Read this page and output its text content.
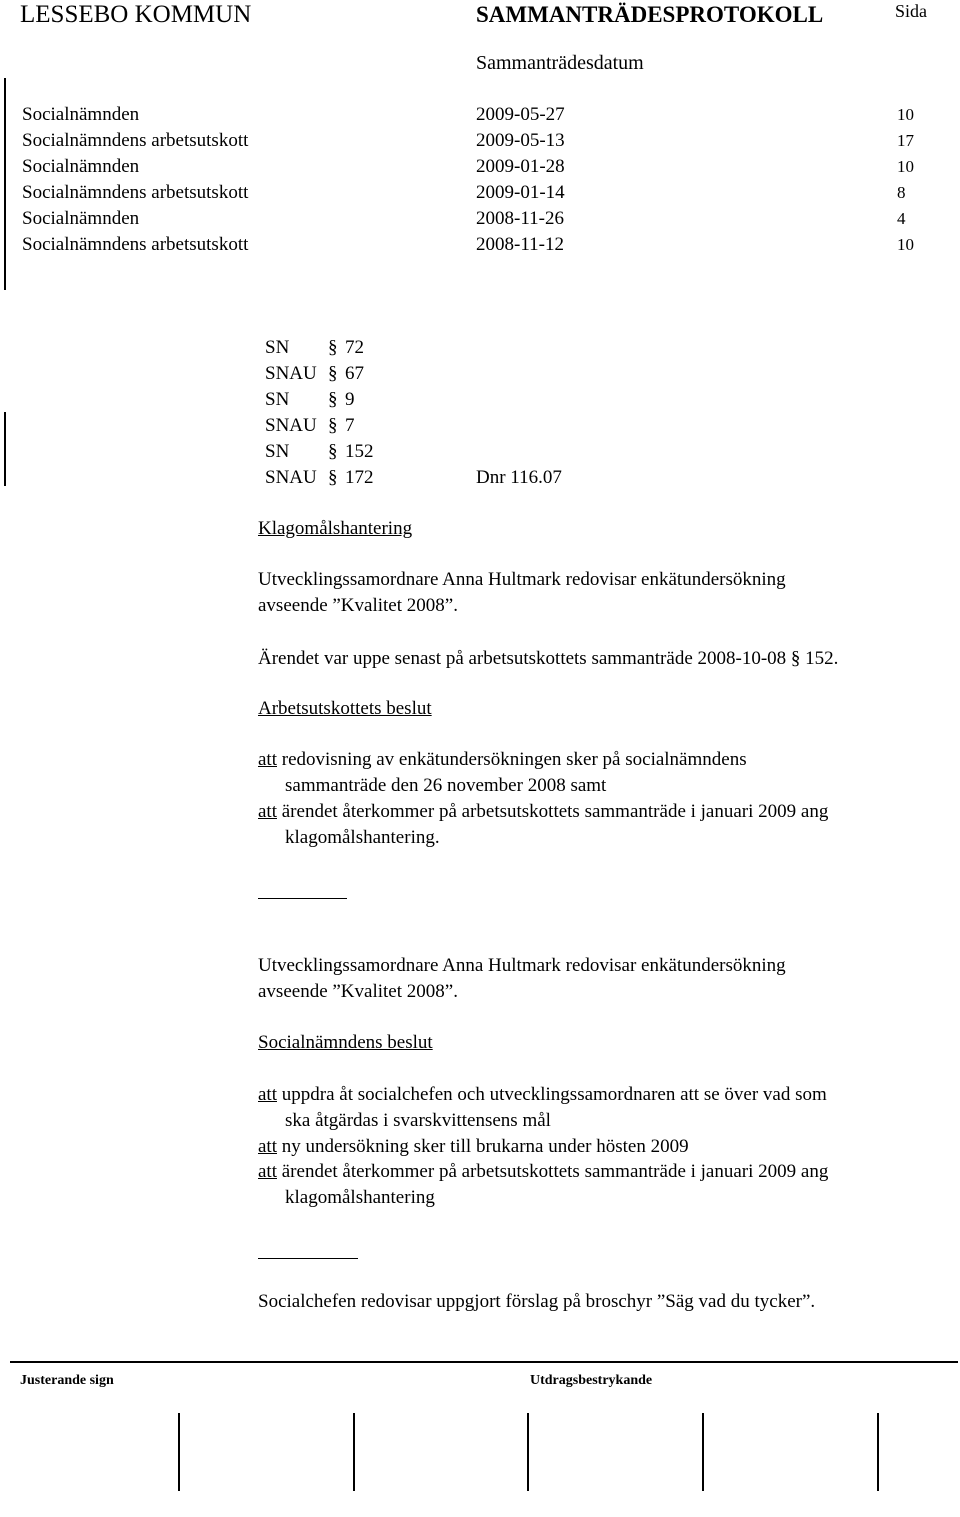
LESSEBO KOMMUN	SAMMANTRÄDESPROTOKOLL	Sida
Sammanträdesdatum
Socialnämnden	2009-05-27	10
Socialnämndens arbetsutskott	2009-05-13	17
Socialnämnden	2009-01-28	10
Socialnämndens arbetsutskott	2009-01-14	8
Socialnämnden	2008-11-26	4
Socialnämndens arbetsutskott	2008-11-12	10
SN § 72
SNAU § 67
SN § 9
SNAU § 7
SN § 152
SNAU § 172	Dnr 116.07
Klagomålshantering
Utvecklingssamordnare Anna Hultmark redovisar enkätundersökning
avseende ”Kvalitet 2008”.
Ärendet var uppe senast på arbetsutskottets sammanträde 2008-10-08 § 152.
Arbetsutskottets beslut
att redovisning av enkätundersökningen sker på socialnämndens
sammanträde den 26 november 2008 samt
att ärendet återkommer på arbetsutskottets sammanträde i januari 2009 ang
klagomålshantering.
Utvecklingssamordnare Anna Hultmark redovisar enkätundersökning
avseende ”Kvalitet 2008”.
Socialnämndens beslut
att uppdra åt socialchefen och utvecklingssamordnaren att se över vad som
ska åtgärdas i svarskvittensens mål
att ny undersökning sker till brukarna under hösten 2009
att ärendet återkommer på arbetsutskottets sammanträde i januari 2009 ang
klagomålshantering
Socialchefen redovisar uppgjort förslag på broschyr ”Säg vad du tycker”.
Justerande sign	Utdragsbestrykande
